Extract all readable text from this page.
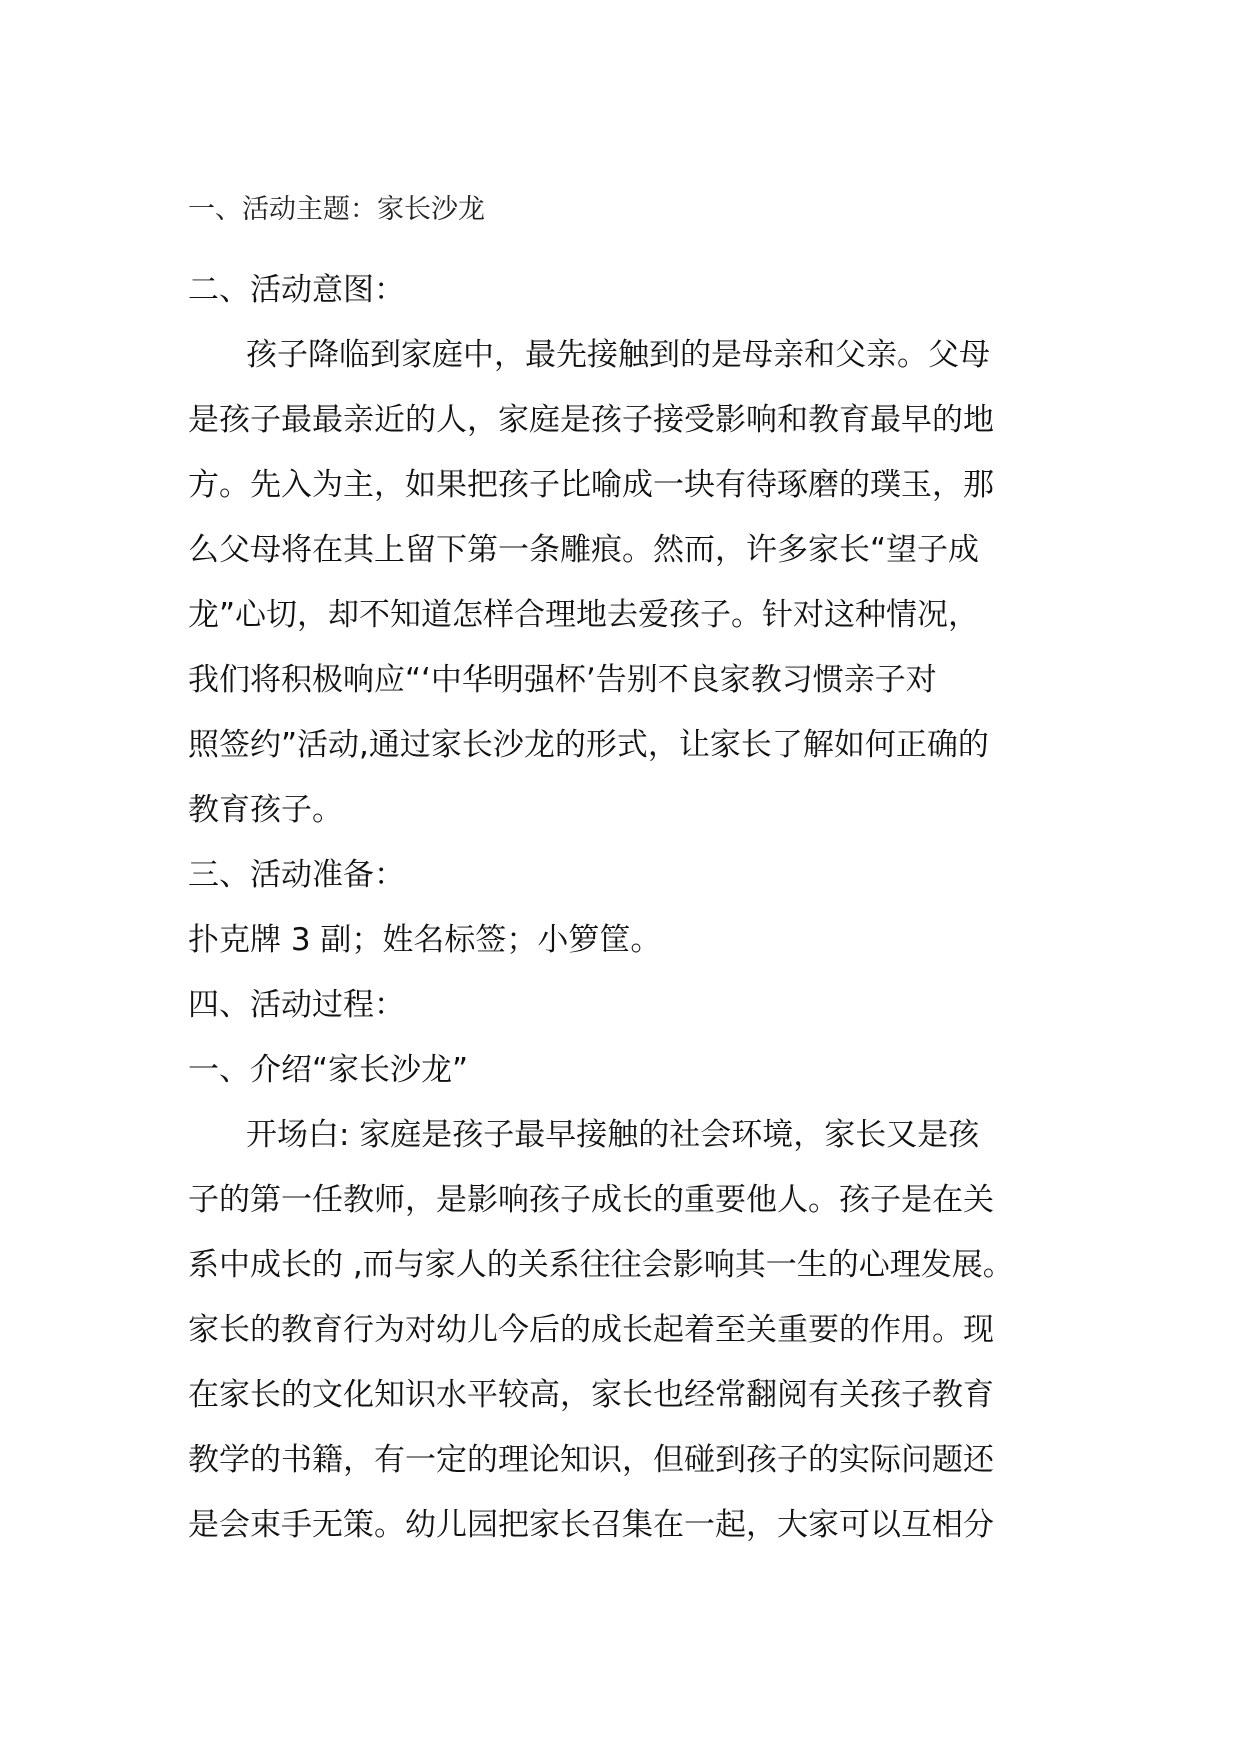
一、活动主题：家长沙龙
二、活动意图：
孩子降临到家庭中，最先接触到的是母亲和父亲。父母
是孩子最最亲近的人，家庭是孩子接受影响和教育最早的地
方。先入为主，如果把孩子比喻成一块有待琢磨的璞玉，那
么父母将在其上留下第一条雕痕。然而，许多家长“望子成
龙”心切，却不知道怎样合理地去爱孩子。针对这种情况，
我们将积极响应“‘中华明强杯’告别不良家教习惯亲子对
照签约”活动,通过家长沙龙的形式，让家长了解如何正确的
教育孩子。
三、活动准备：
扑克牌 3 副；姓名标签；小箩筐。
四、活动过程：
一、介绍“家长沙龙”
开场白: 家庭是孩子最早接触的社会环境，家长又是孩
子的第一任教师，是影响孩子成长的重要他人。孩子是在关
系中成长的 ,而与家人的关系往往会影响其一生的心理发展。
家长的教育行为对幼儿今后的成长起着至关重要的作用。现
在家长的文化知识水平较高，家长也经常翻阅有关孩子教育
教学的书籍，有一定的理论知识，但碰到孩子的实际问题还
是会束手无策。幼儿园把家长召集在一起，大家可以互相分
